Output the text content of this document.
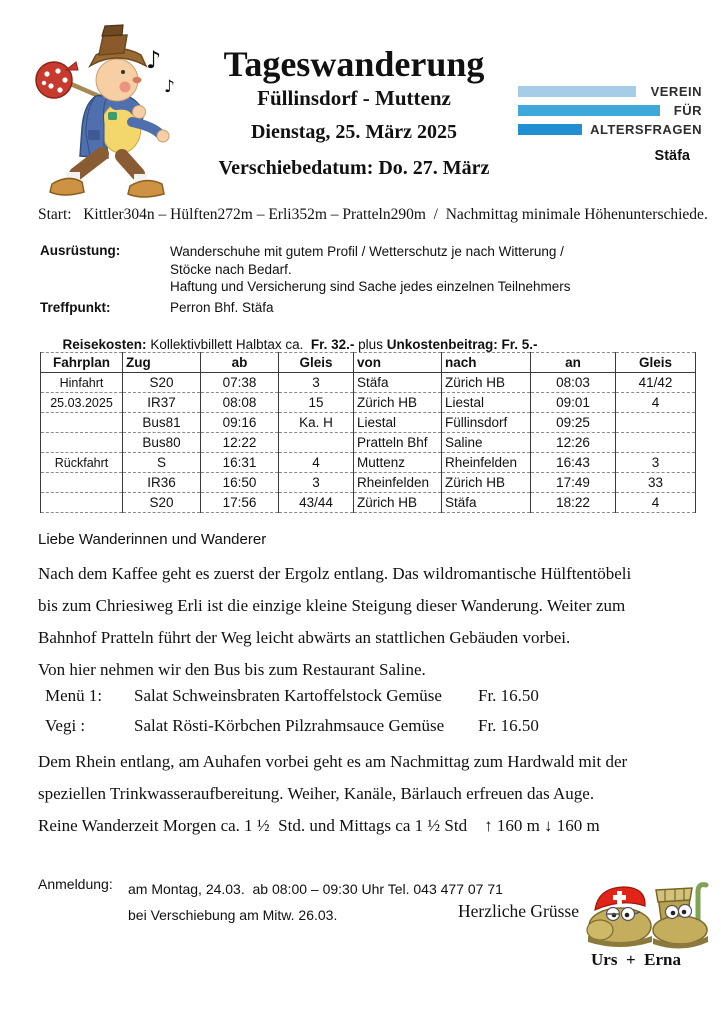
♪
♪
Tageswanderung
Füllinsdorf - Muttenz
Dienstag, 25. März 2025
Verschiebedatum: Do. 27. März
VEREIN
FÜR
ALTERSFRAGEN
Stäfa
Start:   Kittler304n – Hülften272m – Erli352m – Pratteln290m  /  Nachmittag minimale Höhenunterschiede.
Ausrüstung:	Wanderschuhe mit gutem Profil / Wetterschutz je nach Witterung /
Stöcke nach Bedarf.
Haftung und Versicherung sind Sache jedes einzelnen Teilnehmers
Treffpunkt:	Perron Bhf. Stäfa

Reisekosten: Kollektivbillett Halbtax ca.  Fr. 32.- plus Unkostenbeitrag: Fr. 5.-

Fahrplan	Zug	ab	Gleis	von	nach	an	Gleis
Hinfahrt	S20	07:38	3	Stäfa	Zürich HB	08:03	41/42
25.03.2025	IR37	08:08	15	Zürich HB	Liestal	09:01	4
	Bus81	09:16	Ka. H	Liestal	Füllinsdorf	09:25	
	Bus80	12:22		Pratteln Bhf	Saline	12:26	
Rückfahrt	S	16:31	4	Muttenz	Rheinfelden	16:43	3
	IR36	16:50	3	Rheinfelden	Zürich HB	17:49	33
	S20	17:56	43/44	Zürich HB	Stäfa	18:22	4
Liebe Wanderinnen und Wanderer
Nach dem Kaffee geht es zuerst der Ergolz entlang. Das wildromantische Hülftentöbeli
bis zum Chriesiweg Erli ist die einzige kleine Steigung dieser Wanderung. Weiter zum
Bahnhof Pratteln führt der Weg leicht abwärts an stattlichen Gebäuden vorbei.
Von hier nehmen wir den Bus bis zum Restaurant Saline.
Menü 1: Salat Schweinsbraten Kartoffelstock Gemüse Fr. 16.50
Vegi :	Salat Rösti-Körbchen Pilzrahmsauce Gemüse Fr. 16.50
Dem Rhein entlang, am Auhafen vorbei geht es am Nachmittag zum Hardwald mit der
speziellen Trinkwasseraufbereitung. Weiher, Kanäle, Bärlauch erfreuen das Auge.
Reine Wanderzeit Morgen ca. 1 ½  Std. und Mittags ca 1 ½ Std    ↑ 160 m ↓ 160 m
Anmeldung:	am Montag, 24.03.  ab 08:00 – 09:30 Uhr Tel. 043 477 07 71
bei Verschiebung am Mitw. 26.03.	Herzliche Grüsse
Urs  +  Erna
